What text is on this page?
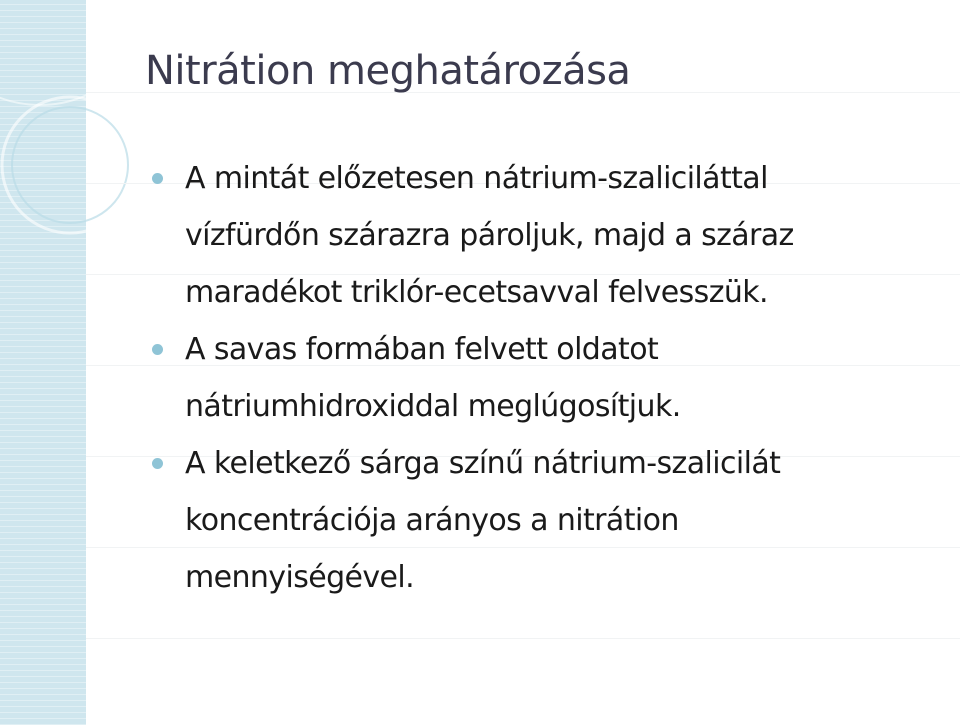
Nitrátion meghatározása
A mintát előzetesen nátrium-szaliciláttal
vízfürdőn szárazra pároljuk, majd a száraz
maradékot triklór-ecetsavval felvesszük.
A savas formában felvett oldatot
nátriumhidroxiddal meglúgosítjuk.
A keletkező sárga színű nátrium-szalicilát
koncentrációja arányos a nitrátion
mennyiségével.
